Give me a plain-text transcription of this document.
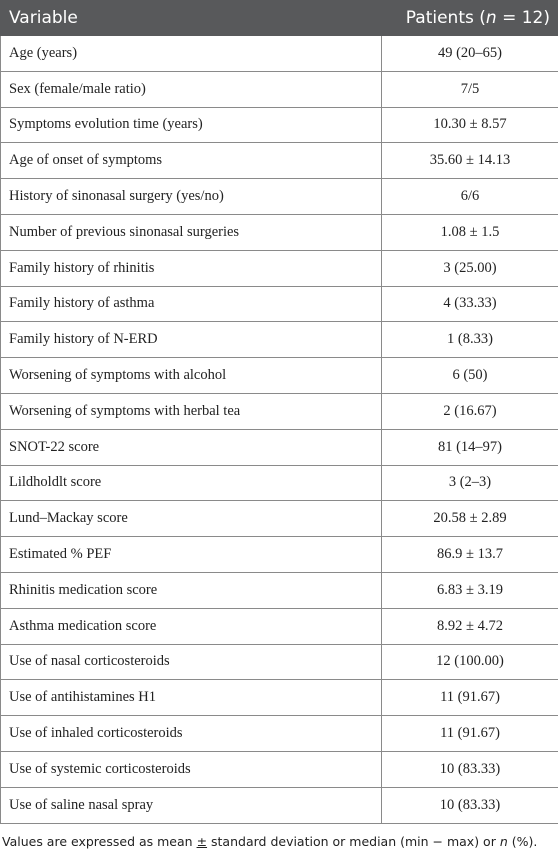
Variable	Patients (n = 12)
Age (years)	49 (20–65)
Sex (female/male ratio)	7/5
Symptoms evolution time (years)	10.30 ± 8.57
Age of onset of symptoms	35.60 ± 14.13
History of sinonasal surgery (yes/no)	6/6
Number of previous sinonasal surgeries	1.08 ± 1.5
Family history of rhinitis	3 (25.00)
Family history of asthma	4 (33.33)
Family history of N-ERD	1 (8.33)
Worsening of symptoms with alcohol	6 (50)
Worsening of symptoms with herbal tea	2 (16.67)
SNOT-22 score	81 (14–97)
Lildholdlt score	3 (2–3)
Lund–Mackay score	20.58 ± 2.89
Estimated % PEF	86.9 ± 13.7
Rhinitis medication score	6.83 ± 3.19
Asthma medication score	8.92 ± 4.72
Use of nasal corticosteroids	12 (100.00)
Use of antihistamines H1	11 (91.67)
Use of inhaled corticosteroids	11 (91.67)
Use of systemic corticosteroids	10 (83.33)
Use of saline nasal spray	10 (83.33)
Values are expressed as mean ± standard deviation or median (min − max) or n (%).
